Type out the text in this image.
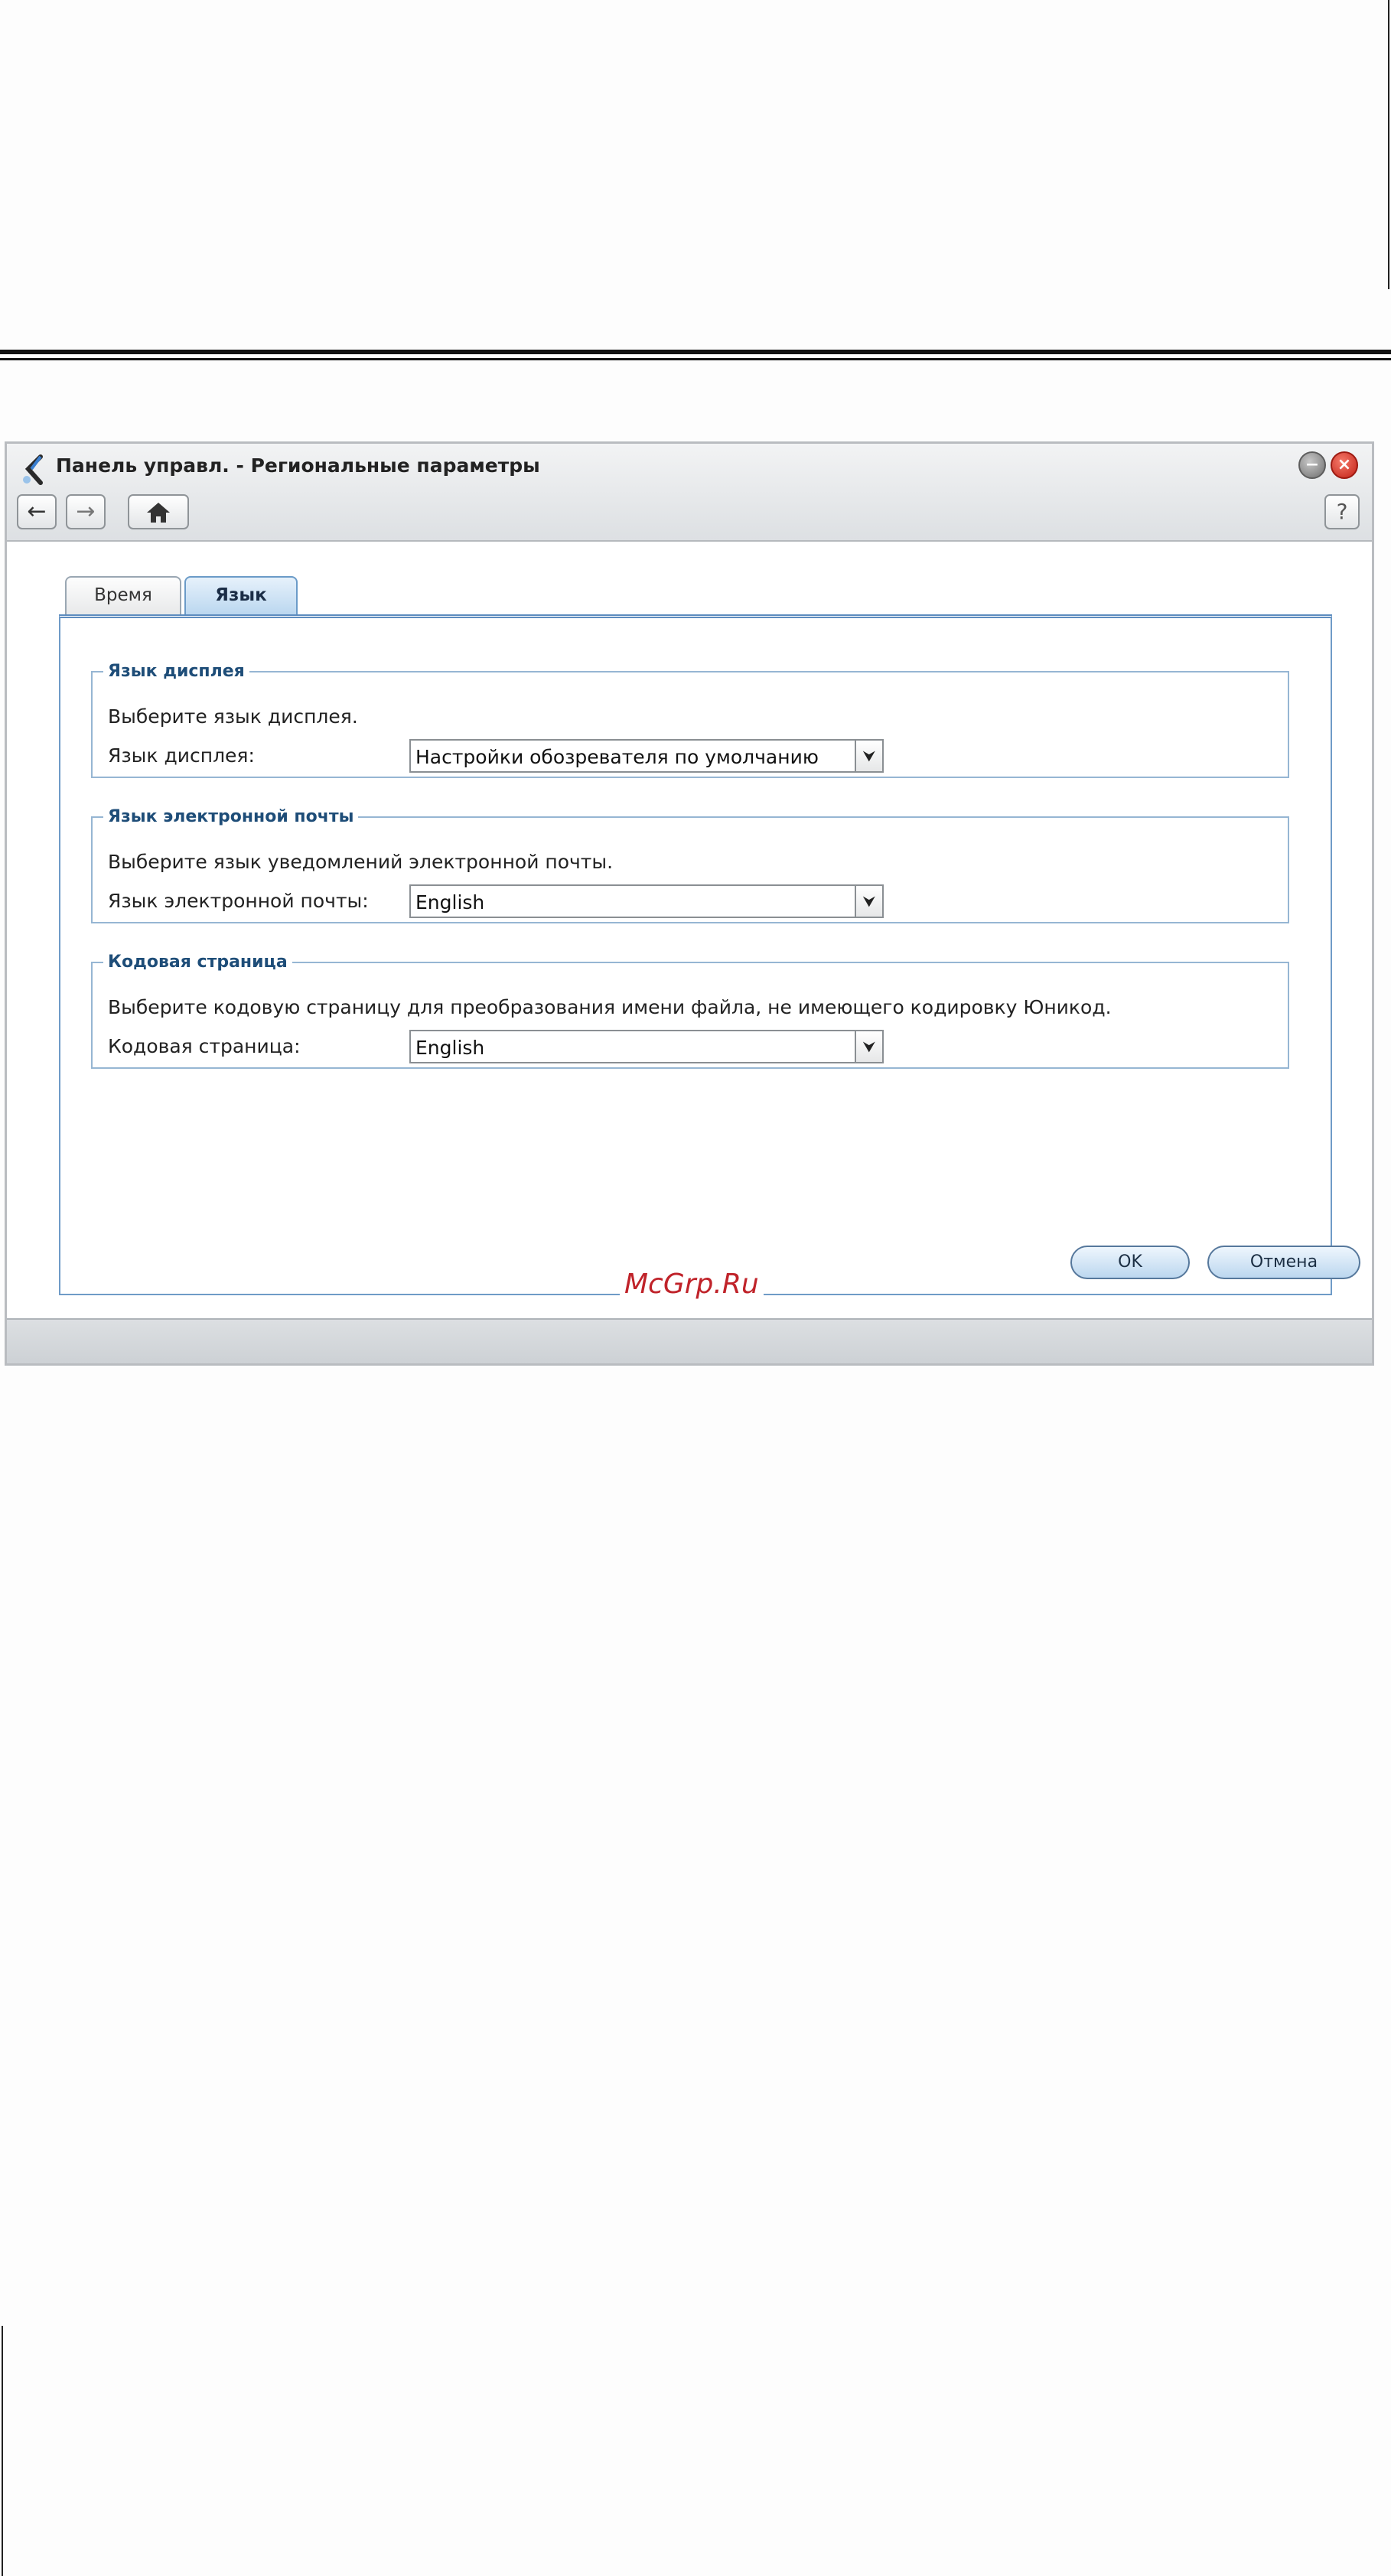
Панель управл. - Региональные параметры	−	×
←	→	?
Время	Язык
Язык дисплея
Выберите язык дисплея.
Язык дисплея:	Настройки обозревателя по умолчанию	⮟
Язык электронной почты
Выберите язык уведомлений электронной почты.
Язык электронной почты: English	⮟
Кодовая страница
Выберите кодовую страницу для преобразования имени файла, не имеющего кодировку Юникод.
Кодовая страница:	English	⮟
OK	Отмена
McGrp.Ru
